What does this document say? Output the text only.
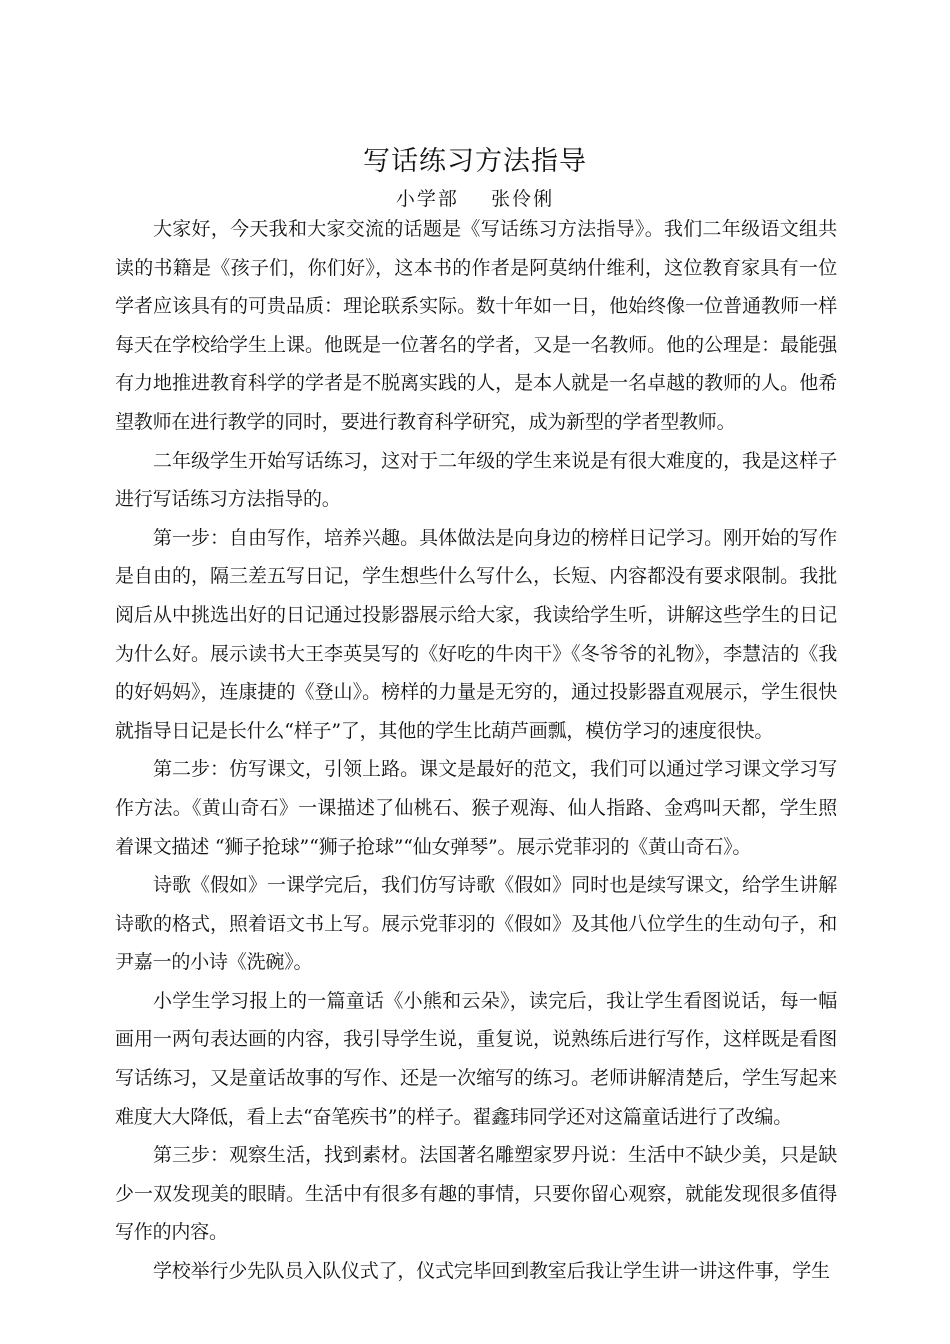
写话练习方法指导
小学部    张伶俐

大家好，今天我和大家交流的话题是《写话练习方法指导》。我们二年级语文组共读的书籍是《孩子们，你们好》，这本书的作者是阿莫纳什维利，这位教育家具有一位学者应该具有的可贵品质：理论联系实际。数十年如一日，他始终像一位普通教师一样每天在学校给学生上课。他既是一位著名的学者，又是一名教师。他的公理是：最能强有力地推进教育科学的学者是不脱离实践的人，是本人就是一名卓越的教师的人。他希望教师在进行教学的同时，要进行教育科学研究，成为新型的学者型教师。

二年级学生开始写话练习，这对于二年级的学生来说是有很大难度的，我是这样子进行写话练习方法指导的。

第一步：自由写作，培养兴趣。具体做法是向身边的榜样日记学习。刚开始的写作是自由的，隔三差五写日记，学生想些什么写什么，长短、内容都没有要求限制。我批阅后从中挑选出好的日记通过投影器展示给大家，我读给学生听，讲解这些学生的日记为什么好。展示读书大王李英昊写的《好吃的牛肉干》《冬爷爷的礼物》，李慧洁的《我的好妈妈》，连康捷的《登山》。榜样的力量是无穷的，通过投影器直观展示，学生很快就指导日记是长什么“样子”了，其他的学生比葫芦画瓢，模仿学习的速度很快。

第二步：仿写课文，引领上路。课文是最好的范文，我们可以通过学习课文学习写作方法。《黄山奇石》一课描述了仙桃石、猴子观海、仙人指路、金鸡叫天都，学生照着课文描述 “狮子抢球”“狮子抢球”“仙女弹琴”。展示党菲羽的《黄山奇石》。

诗歌《假如》一课学完后，我们仿写诗歌《假如》同时也是续写课文，给学生讲解诗歌的格式，照着语文书上写。展示党菲羽的《假如》及其他八位学生的生动句子，和尹嘉一的小诗《洗碗》。

小学生学习报上的一篇童话《小熊和云朵》，读完后，我让学生看图说话，每一幅画用一两句表达画的内容，我引导学生说，重复说，说熟练后进行写作，这样既是看图写话练习，又是童话故事的写作、还是一次缩写的练习。老师讲解清楚后，学生写起来难度大大降低，看上去“奋笔疾书”的样子。翟鑫玮同学还对这篇童话进行了改编。

第三步：观察生活，找到素材。法国著名雕塑家罗丹说：生活中不缺少美，只是缺少一双发现美的眼睛。生活中有很多有趣的事情，只要你留心观察，就能发现很多值得写作的内容。

学校举行少先队员入队仪式了，仪式完毕回到教室后我让学生讲一讲这件事，学生
